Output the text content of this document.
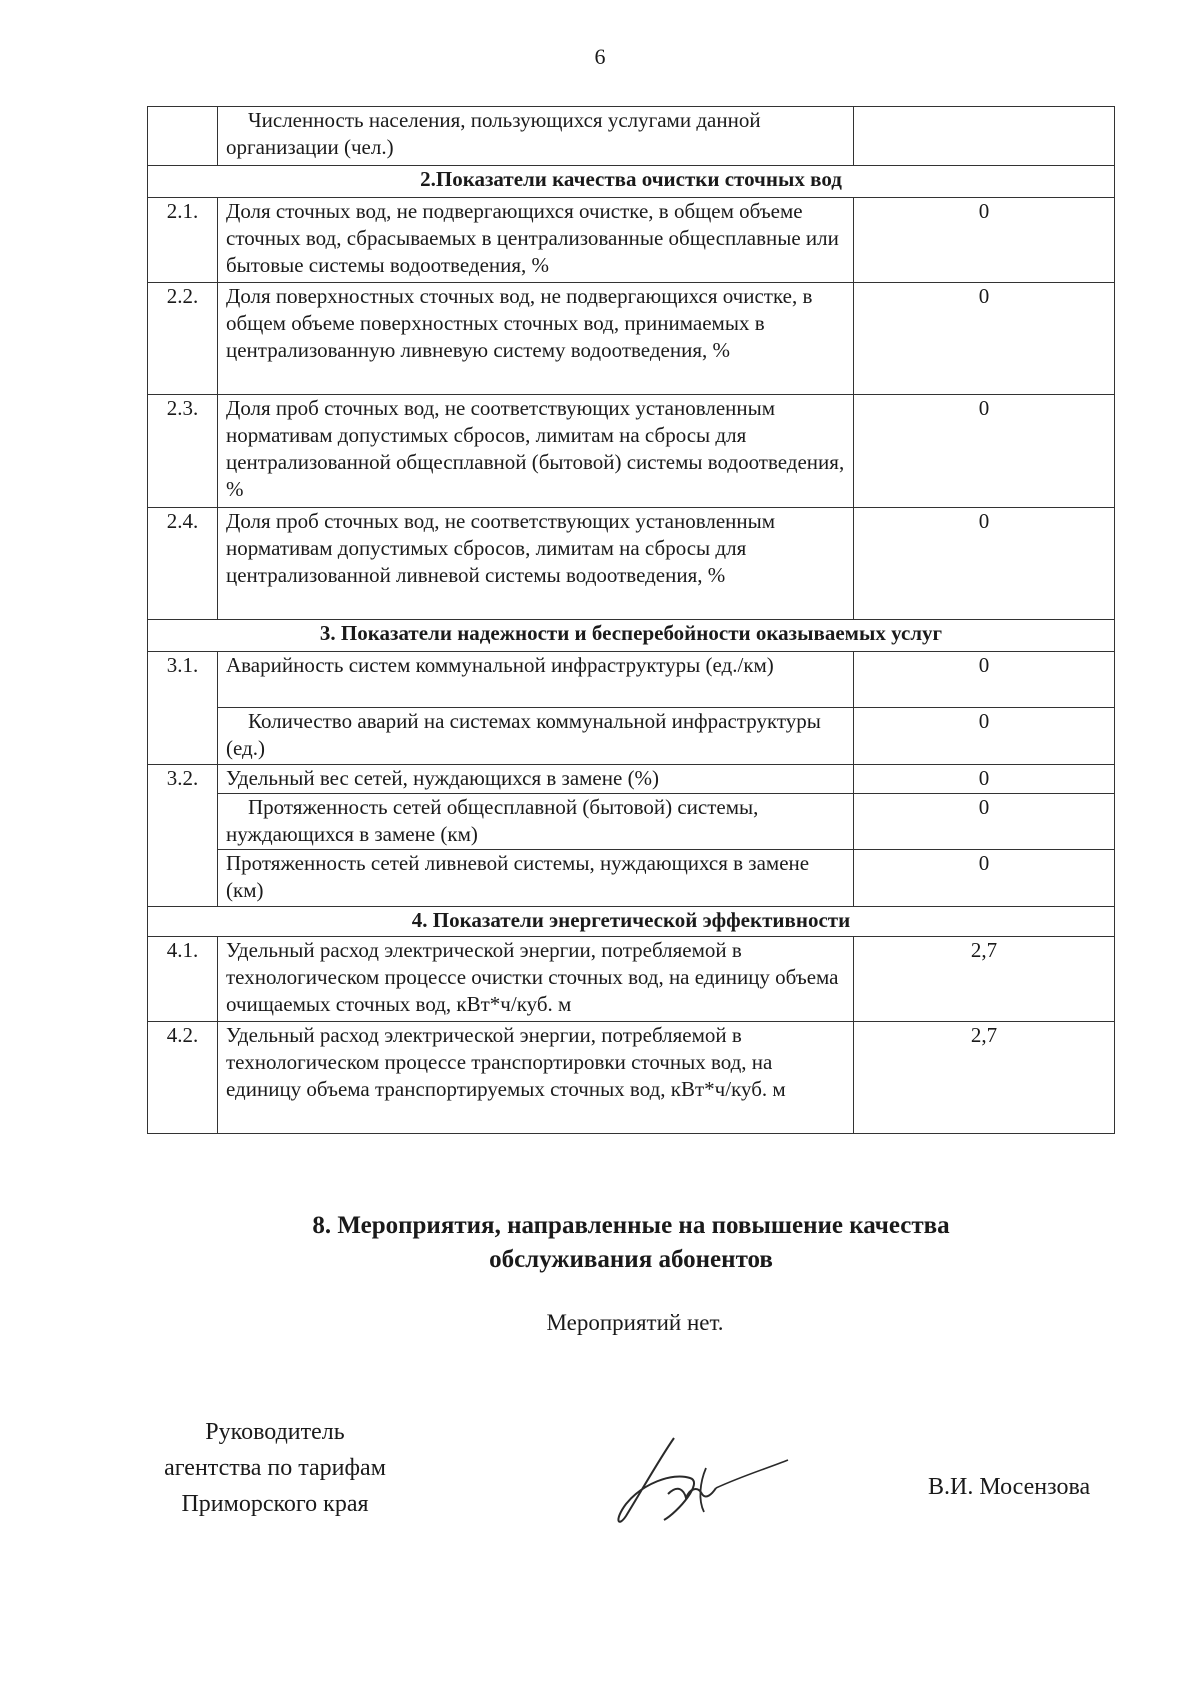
6
	Численность населения, пользующихся услугами данной организации (чел.)	
2.Показатели качества очистки сточных вод		
2.1.	Доля сточных вод, не подвергающихся очистке, в общем объеме сточных вод, сбрасываемых в централизованные общесплавные или бытовые системы водоотведения, %	0
2.2.	Доля поверхностных сточных вод, не подвергающихся очистке, в общем объеме поверхностных сточных вод, принимаемых в централизованную ливневую систему водоотведения, %	0
2.3.	Доля проб сточных вод, не соответствующих установленным нормативам допустимых сбросов, лимитам на сбросы для централизованной общесплавной (бытовой) системы водоотведения, %	0
2.4.	Доля проб сточных вод, не соответствующих установленным нормативам допустимых сбросов, лимитам на сбросы для централизованной ливневой системы водоотведения, %	0
3. Показатели надежности и бесперебойности оказываемых услуг		
3.1.	Аварийность систем коммунальной инфраструктуры (ед./км)	0
	Количество аварий на системах коммунальной инфраструктуры (ед.)	0
3.2.	Удельный вес сетей, нуждающихся в замене (%)	0
	Протяженность сетей общесплавной (бытовой) системы, нуждающихся в замене (км)	0
	Протяженность сетей ливневой системы, нуждающихся в замене (км)	0
4. Показатели энергетической эффективности		
4.1.	Удельный расход электрической энергии, потребляемой в технологическом процессе очистки сточных вод, на единицу объема очищаемых сточных вод, кВт*ч/куб. м	2,7
4.2.	Удельный расход электрической энергии, потребляемой в технологическом процессе транспортировки сточных вод, на единицу объема транспортируемых сточных вод, кВт*ч/куб. м	2,7
8. Мероприятия, направленные на повышение качества
обслуживания абонентов
Мероприятий нет.
Руководитель
агентства по тарифам
Приморского края
В.И. Мосензова
